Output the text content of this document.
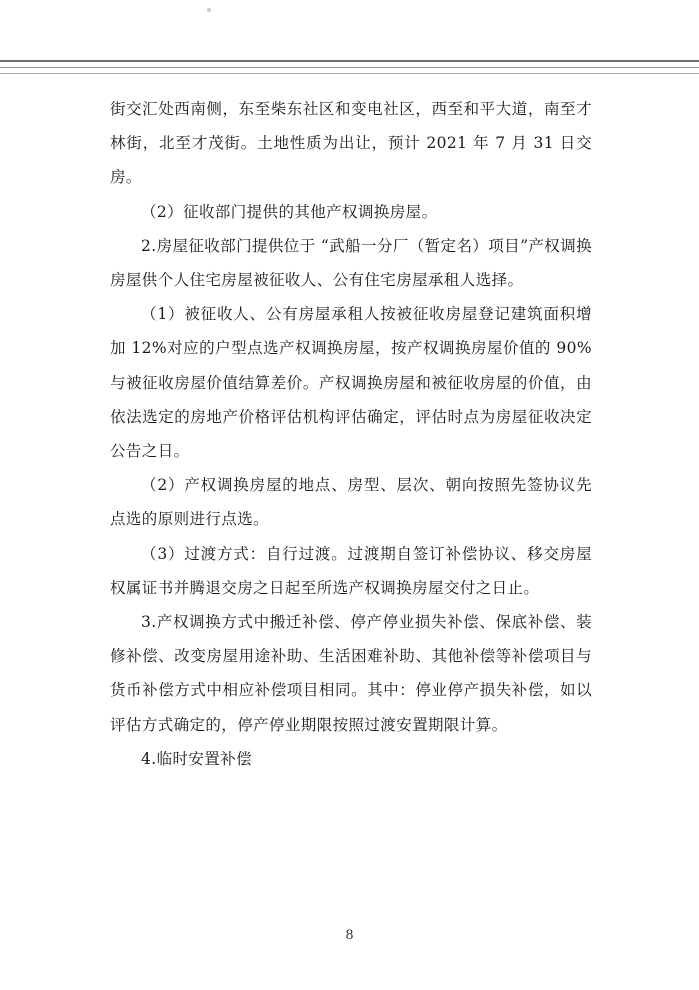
街交汇处西南侧，东至柴东社区和变电社区，西至和平大道，南至才林街，北至才茂街。土地性质为出让，预计 2021 年 7 月 31 日交房。

（2）征收部门提供的其他产权调换房屋。

2.房屋征收部门提供位于 “武船一分厂（暂定名）项目”产权调换房屋供个人住宅房屋被征收人、公有住宅房屋承租人选择。

（1）被征收人、公有房屋承租人按被征收房屋登记建筑面积增加 12%对应的户型点选产权调换房屋，按产权调换房屋价值的 90%与被征收房屋价值结算差价。产权调换房屋和被征收房屋的价值，由依法选定的房地产价格评估机构评估确定，评估时点为房屋征收决定公告之日。

（2）产权调换房屋的地点、房型、层次、朝向按照先签协议先点选的原则进行点选。

（3）过渡方式：自行过渡。过渡期自签订补偿协议、移交房屋权属证书并腾退交房之日起至所选产权调换房屋交付之日止。

3.产权调换方式中搬迁补偿、停产停业损失补偿、保底补偿、装修补偿、改变房屋用途补助、生活困难补助、其他补偿等补偿项目与货币补偿方式中相应补偿项目相同。其中：停业停产损失补偿，如以评估方式确定的，停产停业期限按照过渡安置期限计算。

4.临时安置补偿

8
